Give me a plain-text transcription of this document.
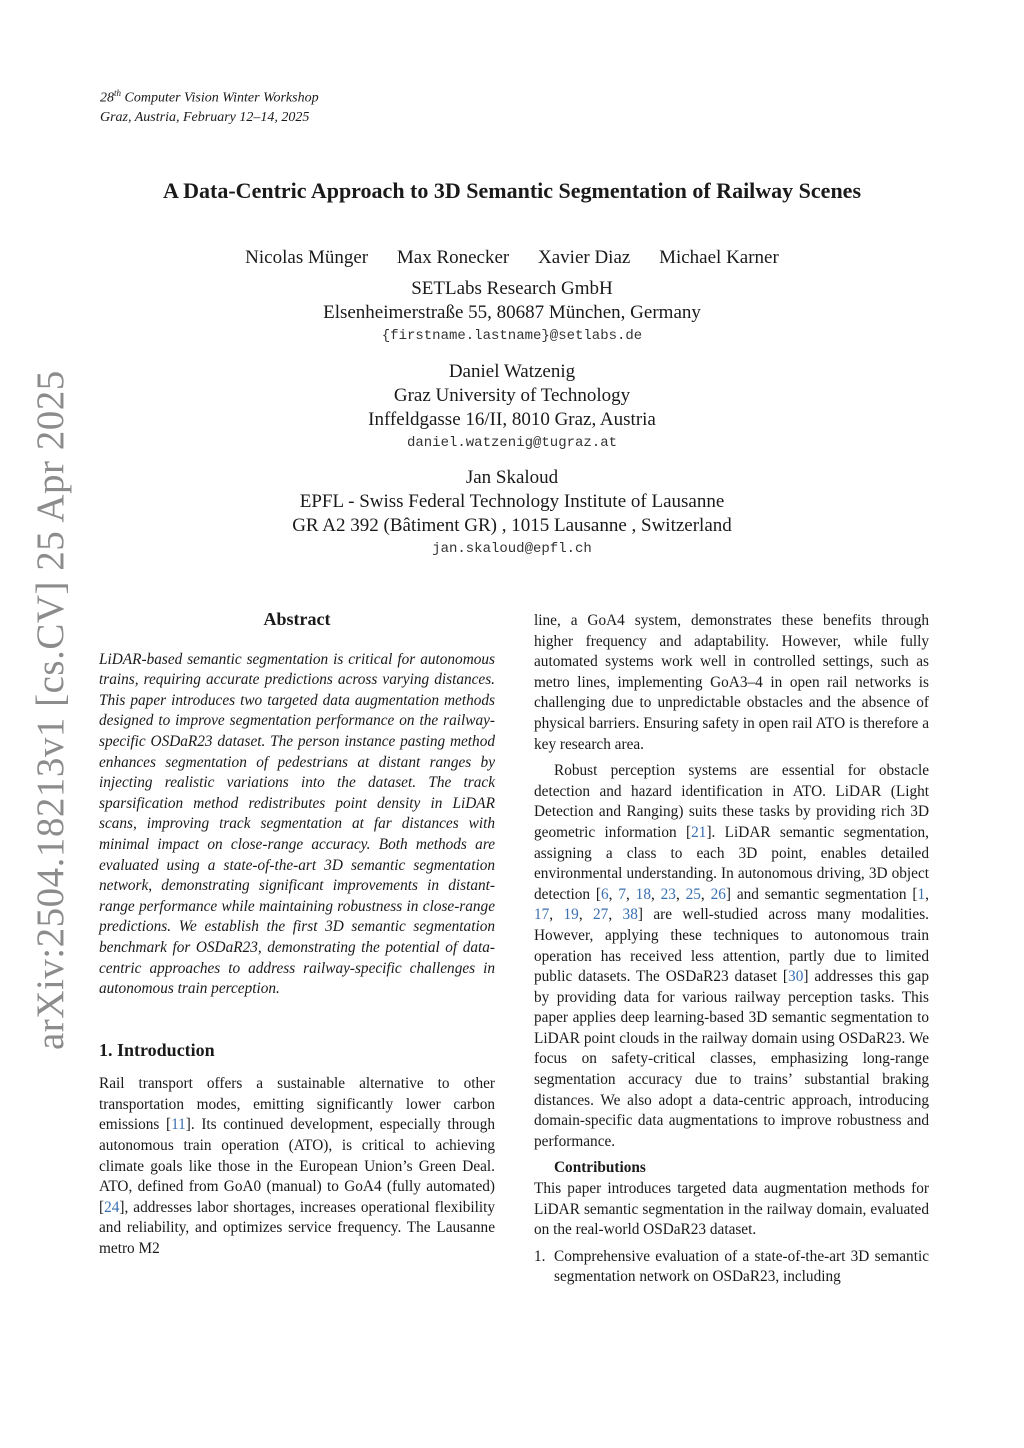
28th Computer Vision Winter Workshop
Graz, Austria, February 12–14, 2025
A Data-Centric Approach to 3D Semantic Segmentation of Railway Scenes
Nicolas Münger Max Ronecker Xavier Diaz Michael Karner
SETLabs Research GmbH
Elsenheimerstraße 55, 80687 München, Germany
{firstname.lastname}@setlabs.de
Daniel Watzenig
Graz University of Technology
Inffeldgasse 16/II, 8010 Graz, Austria
daniel.watzenig@tugraz.at
Jan Skaloud
EPFL - Swiss Federal Technology Institute of Lausanne
GR A2 392 (Bâtiment GR) , 1015 Lausanne , Switzerland
jan.skaloud@epfl.ch
arXiv:2504.18213v1 [cs.CV] 25 Apr 2025	Abstract

LiDAR-based semantic segmentation is critical for autonomous trains, requiring accurate predictions across varying distances. This paper introduces two targeted data augmentation methods designed to improve segmentation performance on the railway-specific OSDaR23 dataset. The person instance pasting method enhances segmentation of pedestrians at distant ranges by injecting realistic variations into the dataset. The track sparsification method redistributes point density in LiDAR scans, improving track segmentation at far distances with minimal impact on close-range accuracy. Both methods are evaluated using a state-of-the-art 3D semantic segmentation network, demonstrating significant improvements in distant-range performance while maintaining robustness in close-range predictions. We establish the first 3D semantic segmentation benchmark for OSDaR23, demonstrating the potential of data-centric approaches to address railway-specific challenges in autonomous train perception.

1. Introduction

Rail transport offers a sustainable alternative to other transportation modes, emitting significantly lower carbon emissions [11]. Its continued development, especially through autonomous train operation (ATO), is critical to achieving climate goals like those in the European Union’s Green Deal. ATO, defined from GoA0 (manual) to GoA4 (fully automated) [24], addresses labor shortages, increases operational flexibility and reliability, and optimizes service frequency. The Lausanne metro M2

line, a GoA4 system, demonstrates these benefits through higher frequency and adaptability. However, while fully automated systems work well in controlled settings, such as metro lines, implementing GoA3–4 in open rail networks is challenging due to unpredictable obstacles and the absence of physical barriers. Ensuring safety in open rail ATO is therefore a key research area.

Robust perception systems are essential for obstacle detection and hazard identification in ATO. LiDAR (Light Detection and Ranging) suits these tasks by providing rich 3D geometric information [21]. LiDAR semantic segmentation, assigning a class to each 3D point, enables detailed environmental understanding. In autonomous driving, 3D object detection [6, 7, 18, 23, 25, 26] and semantic segmentation [1, 17, 19, 27, 38] are well-studied across many modalities. However, applying these techniques to autonomous train operation has received less attention, partly due to limited public datasets. The OSDaR23 dataset [30] addresses this gap by providing data for various railway perception tasks. This paper applies deep learning-based 3D semantic segmentation to LiDAR point clouds in the railway domain using OSDaR23. We focus on safety-critical classes, emphasizing long-range segmentation accuracy due to trains’ substantial braking distances. We also adopt a data-centric approach, introducing domain-specific data augmentations to improve robustness and performance.

Contributions

This paper introduces targeted data augmentation methods for LiDAR semantic segmentation in the railway domain, evaluated on the real-world OSDaR23 dataset.

1. Comprehensive evaluation of a state-of-the-art 3D semantic segmentation network on OSDaR23, including
